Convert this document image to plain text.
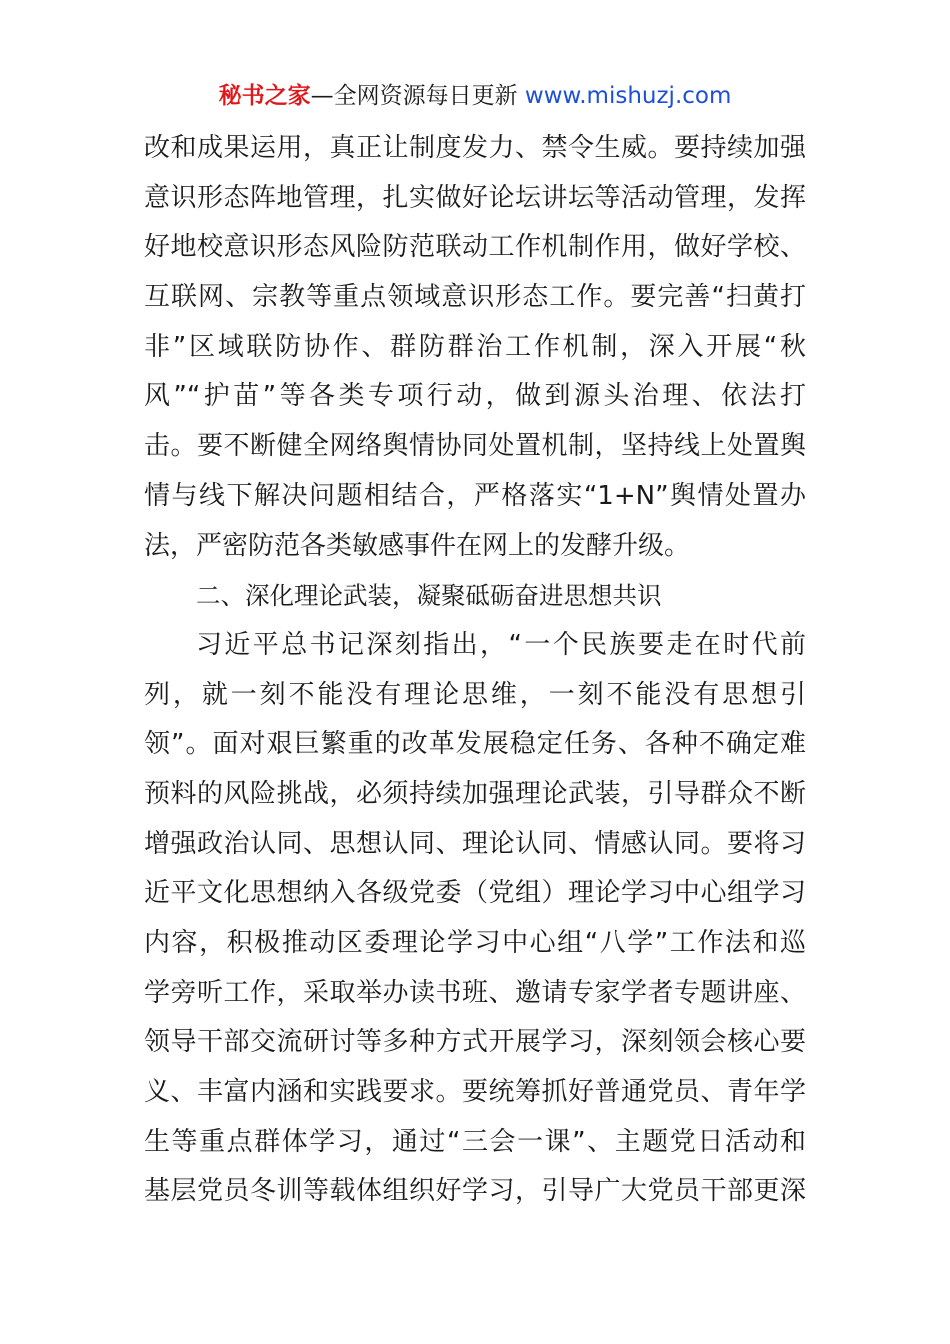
秘书之家—全网资源每日更新 www.mishuzj.com
改和成果运用，真正让制度发力、禁令生威。要持续加强
意识形态阵地管理，扎实做好论坛讲坛等活动管理，发挥
好地校意识形态风险防范联动工作机制作用，做好学校、
互联网、宗教等重点领域意识形态工作。要完善“扫黄打
非”区域联防协作、群防群治工作机制，深入开展“秋
风”“护苗”等各类专项行动，做到源头治理、依法打
击。要不断健全网络舆情协同处置机制，坚持线上处置舆
情与线下解决问题相结合，严格落实“1+N”舆情处置办
法，严密防范各类敏感事件在网上的发酵升级。
二、深化理论武装，凝聚砥砺奋进思想共识
习近平总书记深刻指出，“一个民族要走在时代前
列，就一刻不能没有理论思维，一刻不能没有思想引
领”。面对艰巨繁重的改革发展稳定任务、各种不确定难
预料的风险挑战，必须持续加强理论武装，引导群众不断
增强政治认同、思想认同、理论认同、情感认同。要将习
近平文化思想纳入各级党委（党组）理论学习中心组学习
内容，积极推动区委理论学习中心组“八学”工作法和巡
学旁听工作，采取举办读书班、邀请专家学者专题讲座、
领导干部交流研讨等多种方式开展学习，深刻领会核心要
义、丰富内涵和实践要求。要统筹抓好普通党员、青年学
生等重点群体学习，通过“三会一课”、主题党日活动和
基层党员冬训等载体组织好学习，引导广大党员干部更深
